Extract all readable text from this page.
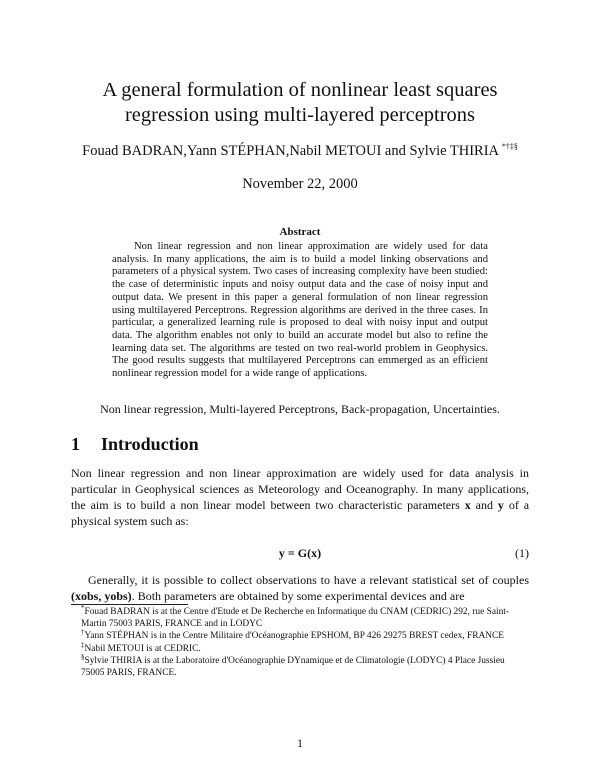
A general formulation of nonlinear least squares
regression using multi-layered perceptrons
Fouad BADRAN,Yann STÉPHAN,Nabil METOUI and Sylvie THIRIA *†‡§
November 22, 2000
Abstract
Non linear regression and non linear approximation are widely used for data analysis. In many applications, the aim is to build a model linking observations and parameters of a physical system. Two cases of increasing complexity have been studied: the case of deterministic inputs and noisy output data and the case of noisy input and output data. We present in this paper a general formulation of non linear regression using multilayered Perceptrons. Regression algorithms are derived in the three cases. In particular, a generalized learning rule is proposed to deal with noisy input and output data. The algorithm enables not only to build an accurate model but also to refine the learning data set. The algorithms are tested on two real-world problem in Geophysics. The good results suggests that multilayered Perceptrons can emmerged as an efficient nonlinear regression model for a wide range of applications.
Non linear regression, Multi-layered Perceptrons, Back-propagation, Uncertainties.
1 Introduction
Non linear regression and non linear approximation are widely used for data analysis in particular in Geophysical sciences as Meteorology and Oceanography. In many applications, the aim is to build a non linear model between two characteristic parameters x and y of a physical system such as:
y = G(x)	(1)
Generally, it is possible to collect observations to have a relevant statistical set of couples (xobs, yobs). Both parameters are obtained by some experimental devices and are

*Fouad BADRAN is at the Centre d'Etude et De Recherche en Informatique du CNAM (CEDRIC) 292, rue Saint-Martin 75003 PARIS, FRANCE and in LODYC

†Yann STÉPHAN is in the Centre Militaire d'Océanographie EPSHOM, BP 426 29275 BREST cedex, FRANCE

‡Nabil METOUI is at CEDRIC.

§Sylvie THIRIA is at the Laboratoire d'Océanographie DYnamique et de Climatologie (LODYC) 4 Place Jussieu 75005 PARIS, FRANCE.

1
